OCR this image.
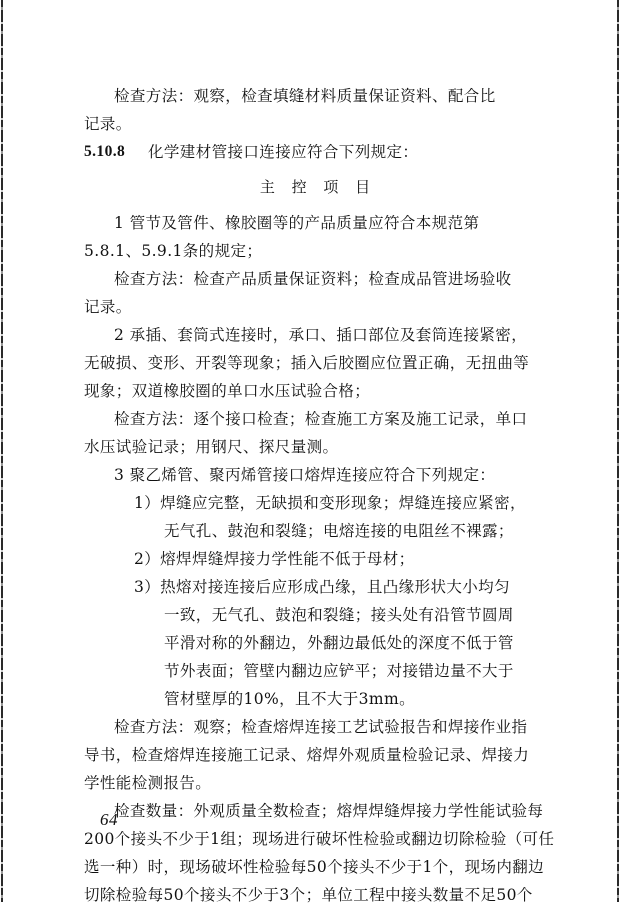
检查方法：观察，检查填缝材料质量保证资料、配合比
记录。
5.10.8 化学建材管接口连接应符合下列规定：
主 控 项 目
1 管节及管件、橡胶圈等的产品质量应符合本规范第
5.8.1、5.9.1条的规定；
检查方法：检查产品质量保证资料；检查成品管进场验收
记录。
2 承插、套筒式连接时，承口、插口部位及套筒连接紧密，
无破损、变形、开裂等现象；插入后胶圈应位置正确，无扭曲等
现象；双道橡胶圈的单口水压试验合格；
检查方法：逐个接口检查；检查施工方案及施工记录，单口
水压试验记录；用钢尺、探尺量测。
3 聚乙烯管、聚丙烯管接口熔焊连接应符合下列规定：
1）焊缝应完整，无缺损和变形现象；焊缝连接应紧密，
无气孔、鼓泡和裂缝；电熔连接的电阻丝不裸露；
2）熔焊焊缝焊接力学性能不低于母材；
3）热熔对接连接后应形成凸缘，且凸缘形状大小均匀
一致，无气孔、鼓泡和裂缝；接头处有沿管节圆周
平滑对称的外翻边，外翻边最低处的深度不低于管
节外表面；管壁内翻边应铲平；对接错边量不大于
管材壁厚的10%，且不大于3mm。
检查方法：观察；检查熔焊连接工艺试验报告和焊接作业指
导书，检查熔焊连接施工记录、熔焊外观质量检验记录、焊接力
学性能检测报告。
检查数量：外观质量全数检查；熔焊焊缝焊接力学性能试验每
200个接头不少于1组；现场进行破坏性检验或翻边切除检验（可任
选一种）时，现场破坏性检验每50个接头不少于1个，现场内翻边
切除检验每50个接头不少于3个；单位工程中接头数量不足50个
64
